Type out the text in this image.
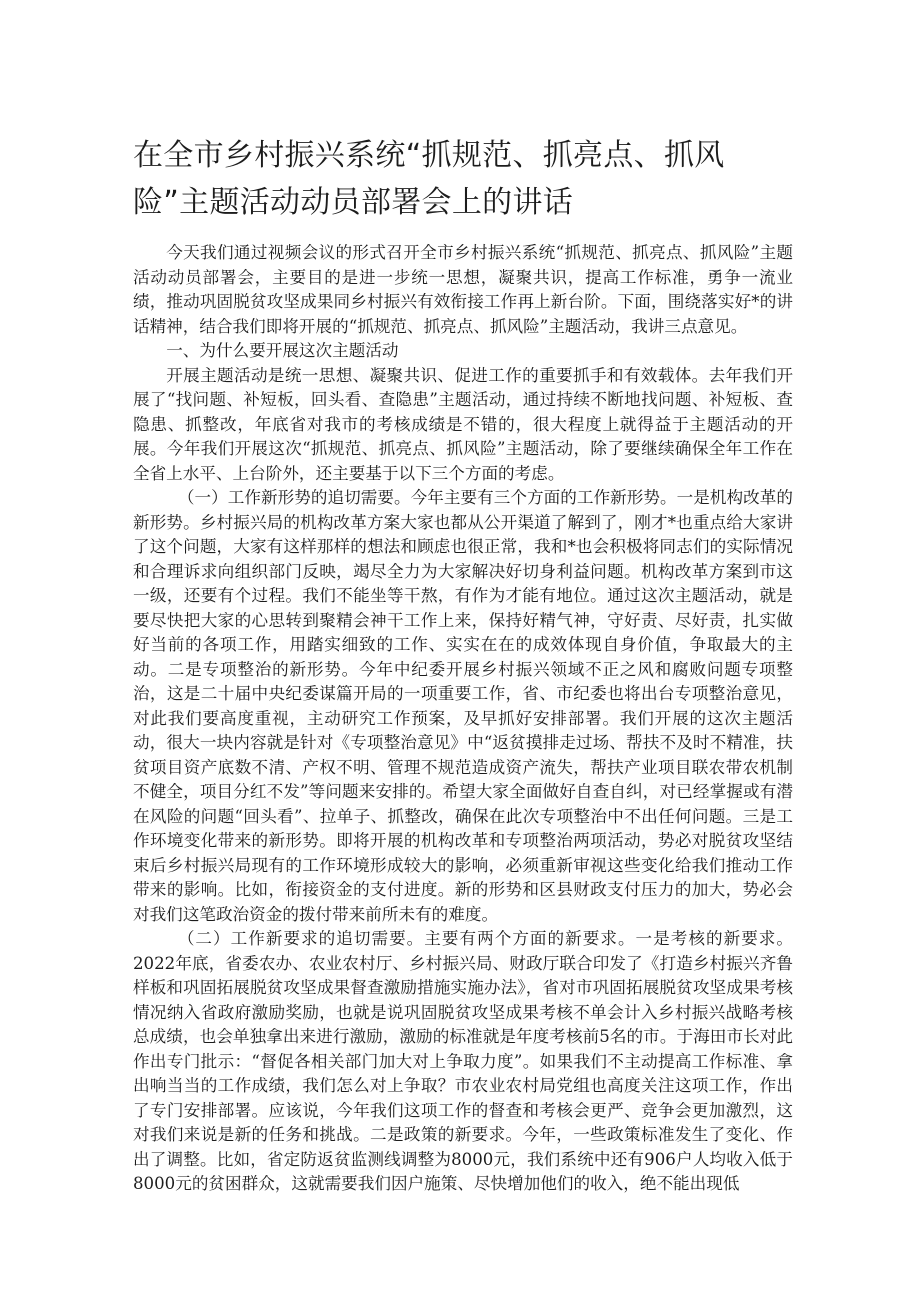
在全市乡村振兴系统“抓规范、抓亮点、抓风险”主题活动动员部署会上的讲话

今天我们通过视频会议的形式召开全市乡村振兴系统“抓规范、抓亮点、抓风险”主题活动动员部署会，主要目的是进一步统一思想，凝聚共识，提高工作标准，勇争一流业绩，推动巩固脱贫攻坚成果同乡村振兴有效衔接工作再上新台阶。下面，围绕落实好*的讲话精神，结合我们即将开展的“抓规范、抓亮点、抓风险”主题活动，我讲三点意见。

一、为什么要开展这次主题活动

开展主题活动是统一思想、凝聚共识、促进工作的重要抓手和有效载体。去年我们开展了“找问题、补短板，回头看、查隐患”主题活动，通过持续不断地找问题、补短板、查隐患、抓整改，年底省对我市的考核成绩是不错的，很大程度上就得益于主题活动的开展。今年我们开展这次“抓规范、抓亮点、抓风险”主题活动，除了要继续确保全年工作在全省上水平、上台阶外，还主要基于以下三个方面的考虑。

（一）工作新形势的追切需要。今年主要有三个方面的工作新形势。一是机构改革的新形势。乡村振兴局的机构改革方案大家也都从公开渠道了解到了，刚才*也重点给大家讲了这个问题，大家有这样那样的想法和顾虑也很正常，我和*也会积极将同志们的实际情况和合理诉求向组织部门反映，竭尽全力为大家解决好切身利益问题。机构改革方案到市这一级，还要有个过程。我们不能坐等干熬，有作为才能有地位。通过这次主题活动，就是要尽快把大家的心思转到聚精会神干工作上来，保持好精气神，守好责、尽好责，扎实做好当前的各项工作，用踏实细致的工作、实实在在的成效体现自身价值，争取最大的主动。二是专项整治的新形势。今年中纪委开展乡村振兴领域不正之风和腐败问题专项整治，这是二十届中央纪委谋篇开局的一项重要工作，省、市纪委也将出台专项整治意见，对此我们要高度重视，主动研究工作预案，及早抓好安排部署。我们开展的这次主题活动，很大一块内容就是针对《专项整治意见》中“返贫摸排走过场、帮扶不及时不精准，扶贫项目资产底数不清、产权不明、管理不规范造成资产流失，帮扶产业项目联农带农机制不健全，项目分红不发”等问题来安排的。希望大家全面做好自查自纠，对已经掌握或有潜在风险的问题“回头看”、拉单子、抓整改，确保在此次专项整治中不出任何问题。三是工作环境变化带来的新形势。即将开展的机构改革和专项整治两项活动，势必对脱贫攻坚结束后乡村振兴局现有的工作环境形成较大的影响，必须重新审视这些变化给我们推动工作带来的影响。比如，衔接资金的支付进度。新的形势和区县财政支付压力的加大，势必会对我们这笔政治资金的拨付带来前所未有的难度。

（二）工作新要求的追切需要。主要有两个方面的新要求。一是考核的新要求。2022年底，省委农办、农业农村厅、乡村振兴局、财政厅联合印发了《打造乡村振兴齐鲁样板和巩固拓展脱贫攻坚成果督查激励措施实施办法》，省对市巩固拓展脱贫攻坚成果考核情况纳入省政府激励奖励，也就是说巩固脱贫攻坚成果考核不单会计入乡村振兴战略考核总成绩，也会单独拿出来进行激励，激励的标准就是年度考核前5名的市。于海田市长对此作出专门批示：“督促各相关部门加大对上争取力度”。如果我们不主动提高工作标准、拿出响当当的工作成绩，我们怎么对上争取？市农业农村局党组也高度关注这项工作，作出了专门安排部署。应该说，今年我们这项工作的督查和考核会更严、竞争会更加激烈，这对我们来说是新的任务和挑战。二是政策的新要求。今年，一些政策标准发生了变化、作出了调整。比如，省定防返贫监测线调整为8000元，我们系统中还有906户人均收入低于8000元的贫困群众，这就需要我们因户施策、尽快增加他们的收入，绝不能出现低
